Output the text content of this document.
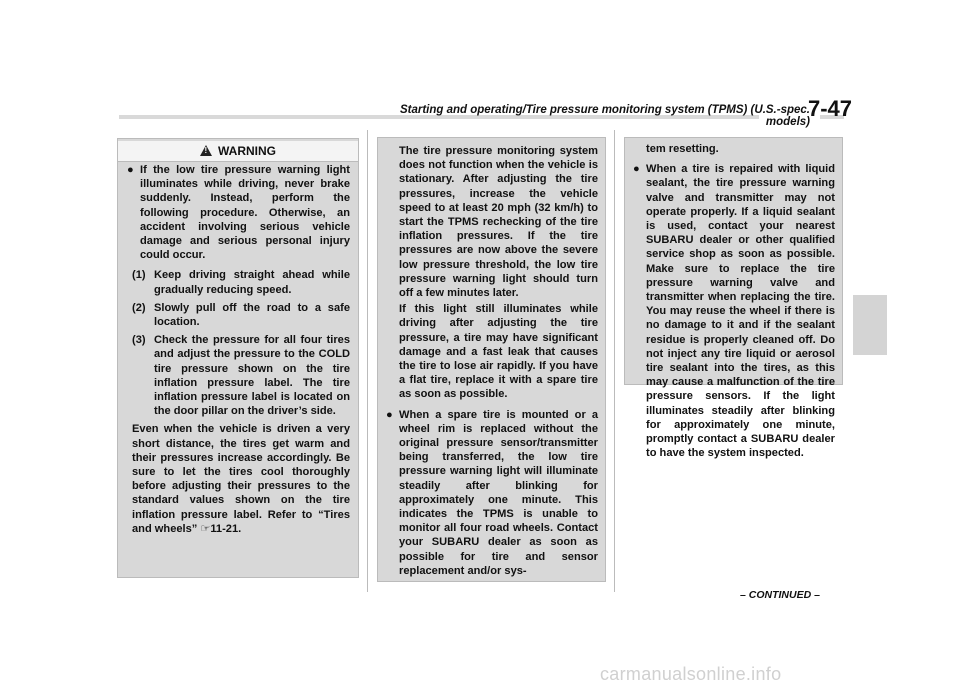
Starting and operating/Tire pressure monitoring system (TPMS) (U.S.-spec. models)
7-47
!WARNING

● If the low tire pressure warning light illuminates while driving, never brake suddenly. Instead, perform the following procedure. Otherwise, an accident involving serious vehicle damage and serious personal injury could occur.

(1) Keep driving straight ahead while gradually reducing speed.

(2) Slowly pull off the road to a safe location.

(3) Check the pressure for all four tires and adjust the pressure to the COLD tire pressure shown on the tire inflation pressure label. The tire inflation pressure label is located on the door pillar on the driver’s side.

Even when the vehicle is driven a very short distance, the tires get warm and their pressures increase accordingly. Be sure to let the tires cool thoroughly before adjusting their pressures to the standard values shown on the tire inflation pressure label. Refer to “Tires and wheels” ☞11-21.

The tire pressure monitoring system does not function when the vehicle is stationary. After adjusting the tire pressures, increase the vehicle speed to at least 20 mph (32 km/h) to start the TPMS rechecking of the tire inflation pressures. If the tire pressures are now above the severe low pressure threshold, the low tire pressure warning light should turn off a few minutes later.

If this light still illuminates while driving after adjusting the tire pressure, a tire may have significant damage and a fast leak that causes the tire to lose air rapidly. If you have a flat tire, replace it with a spare tire as soon as possible.

● When a spare tire is mounted or a wheel rim is replaced without the original pressure sensor/transmitter being transferred, the low tire pressure warning light will illuminate steadily after blinking for approximately one minute. This indicates the TPMS is unable to monitor all four road wheels. Contact your SUBARU dealer as soon as possible for tire and sensor replacement and/or sys-

tem resetting.

● When a tire is repaired with liquid sealant, the tire pressure warning valve and transmitter may not operate properly. If a liquid sealant is used, contact your nearest SUBARU dealer or other qualified service shop as soon as possible. Make sure to replace the tire pressure warning valve and transmitter when replacing the tire. You may reuse the wheel if there is no damage to it and if the sealant residue is properly cleaned off. Do not inject any tire liquid or aerosol tire sealant into the tires, as this may cause a malfunction of the tire pressure sensors. If the light illuminates steadily after blinking for approximately one minute, promptly contact a SUBARU dealer to have the system inspected.

– CONTINUED –
carmanualsonline.info
